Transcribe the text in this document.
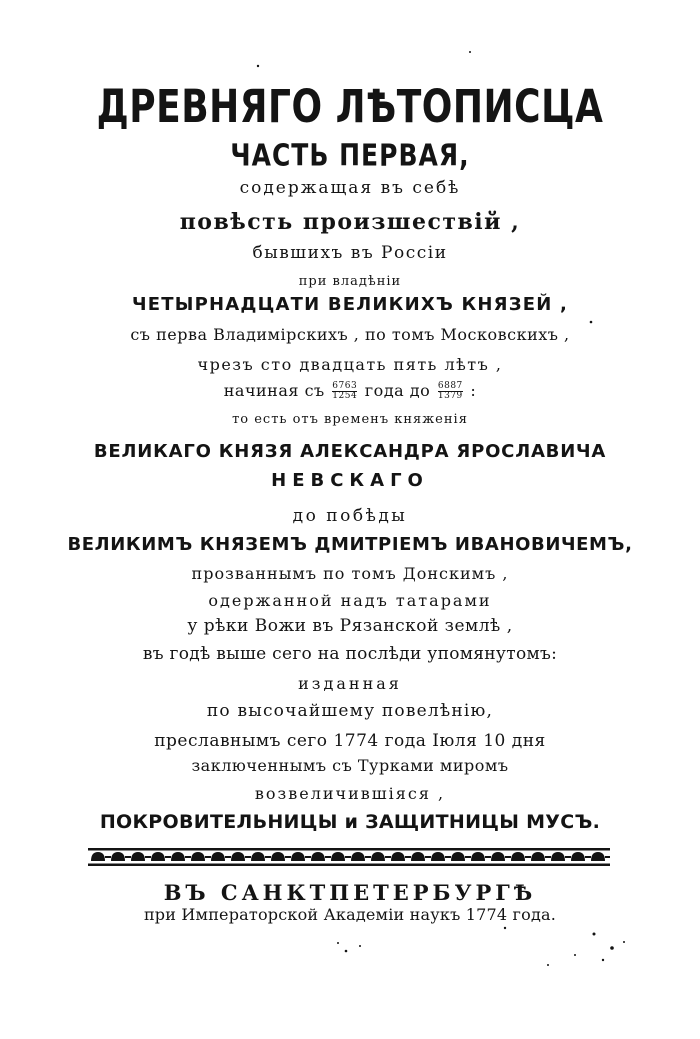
ДРЕВНЯГО ЛѢТОПИСЦА
ЧАСТЬ ПЕРВАЯ,
содержащая въ себѣ
повѣсть произшествій ,
бывшихъ въ Россіи
при владѣніи
ЧЕТЫРНАДЦАТИ ВЕЛИКИХЪ КНЯЗЕЙ ,
съ перва Владимірскихъ , по томъ Московскихъ ,
чрезъ сто двадцать пять лѣтъ ,
начиная съ $\frac{6763}{1254}$ года до $\frac{6887}{1379}$ :
то есть отъ временъ княженія
ВЕЛИКАГО КНЯЗЯ АЛЕКСАНДРА ЯРОСЛАВИЧА
НЕВСКАГО
до побѣды
ВЕЛИКИМЪ КНЯЗЕМЪ ДМИТРІЕМЪ ИВАНОВИЧЕМЪ,
прозваннымъ по томъ Донскимъ ,
одержанной надъ татарами
у рѣки Вожи въ Рязанской землѣ ,
въ годѣ выше сего на послѣди упомянутомъ:
изданная
по высочайшему повелѣнію,
преславнымъ сего 1774 года Іюля 10 дня
заключеннымъ съ Турками миромъ
возвеличившіяся ,
ПОКРОВИТЕЛЬНИЦЫ и ЗАЩИТНИЦЫ МУСЪ.
ВЪ САНКТПЕТЕРБУРГѢ
при Императорской Академіи наукъ 1774 года.
